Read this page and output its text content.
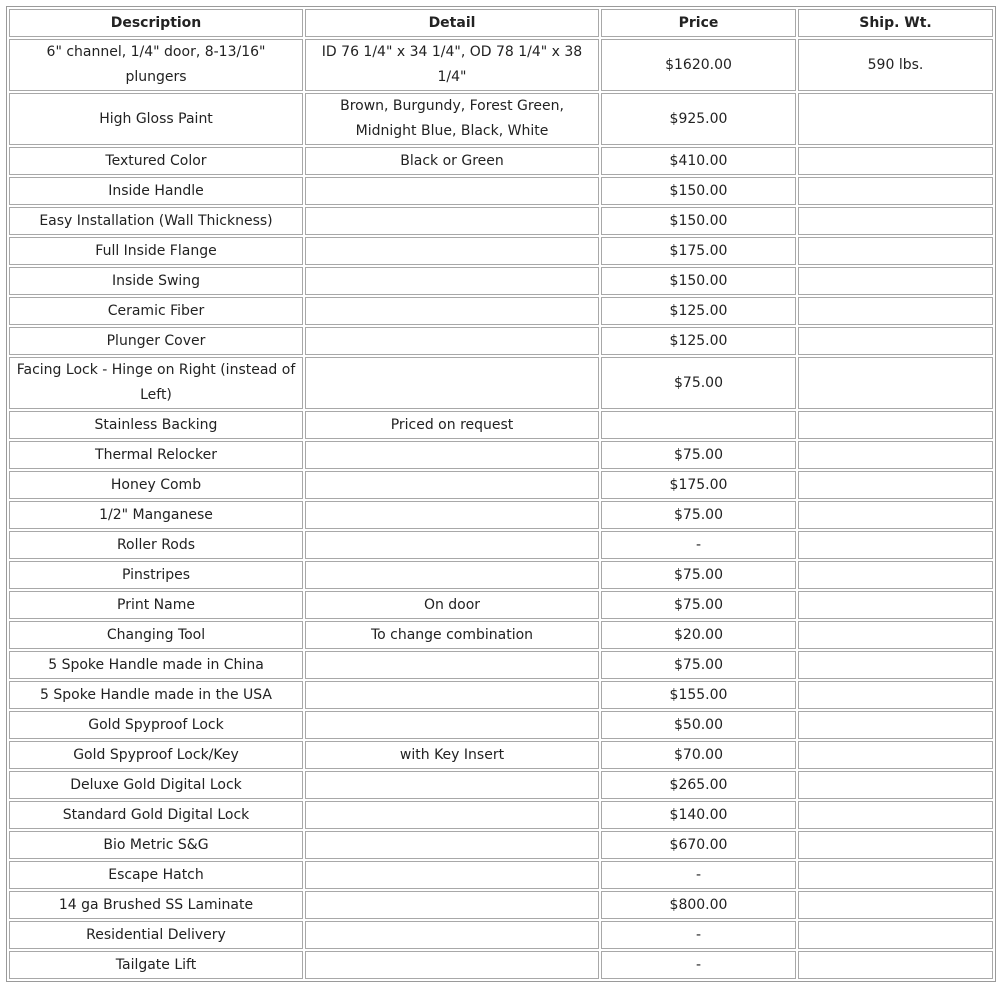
Description	Detail	Price	Ship. Wt.
6" channel, 1/4" door, 8-13/16" plungers	ID 76 1/4" x 34 1/4", OD 78 1/4" x 38 1/4"	$1620.00	590 lbs.
High Gloss Paint	Brown, Burgundy, Forest Green, Midnight Blue, Black, White	$925.00	
Textured Color	Black or Green	$410.00	
Inside Handle		$150.00	
Easy Installation (Wall Thickness)		$150.00	
Full Inside Flange		$175.00	
Inside Swing		$150.00	
Ceramic Fiber		$125.00	
Plunger Cover		$125.00	
Facing Lock - Hinge on Right (instead of Left)		$75.00	
Stainless Backing	Priced on request		
Thermal Relocker		$75.00	
Honey Comb		$175.00	
1/2" Manganese		$75.00	
Roller Rods		-	
Pinstripes		$75.00	
Print Name	On door	$75.00	
Changing Tool	To change combination	$20.00	
5 Spoke Handle made in China		$75.00	
5 Spoke Handle made in the USA		$155.00	
Gold Spyproof Lock		$50.00	
Gold Spyproof Lock/Key	with Key Insert	$70.00	
Deluxe Gold Digital Lock		$265.00	
Standard Gold Digital Lock		$140.00	
Bio Metric S&G		$670.00	
Escape Hatch		-	
14 ga Brushed SS Laminate		$800.00	
Residential Delivery		-	
Tailgate Lift		-	
